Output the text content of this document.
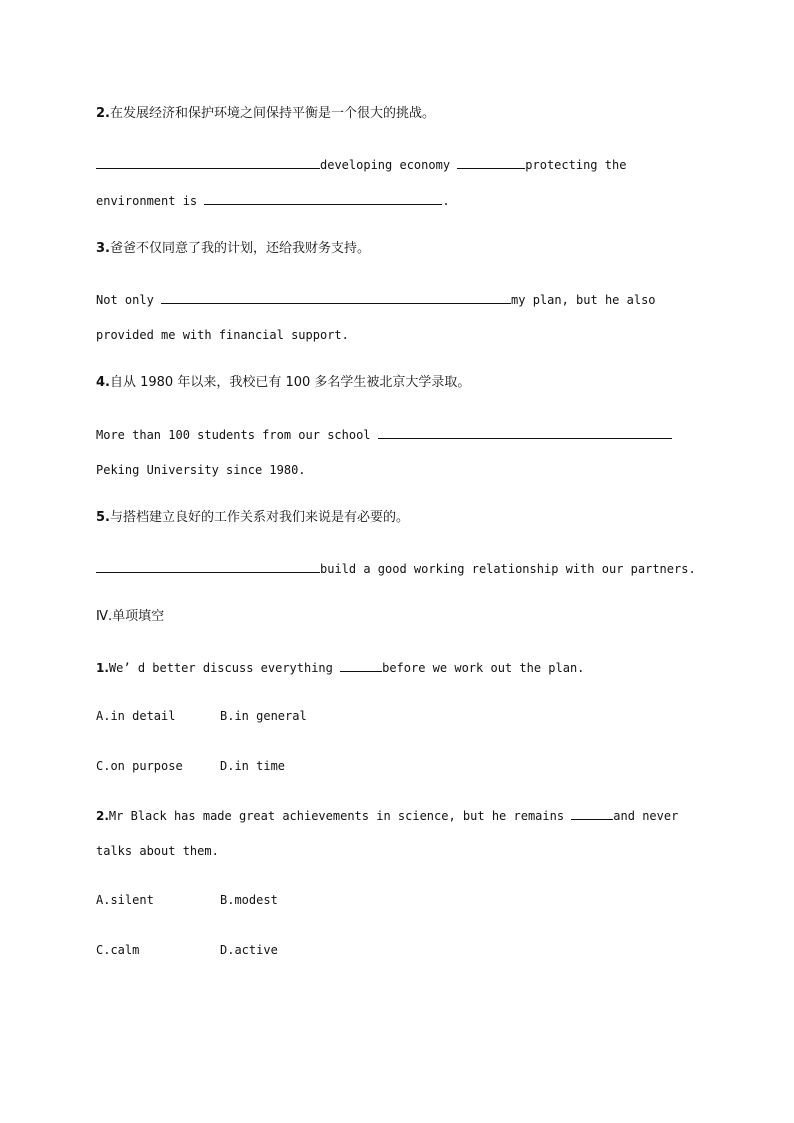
2.在发展经济和保护环境之间保持平衡是一个很大的挑战。
developing economy	protecting the
environment is	.
3.爸爸不仅同意了我的计划，还给我财务支持。
Not only	my plan, but he also
provided me with financial support.
4.自从 1980 年以来，我校已有 100 多名学生被北京大学录取。
More than 100 students from our school
Peking University since 1980.
5.与搭档建立良好的工作关系对我们来说是有必要的。
build a good working relationship with our partners.
Ⅳ.单项填空
1.We’ d better discuss everything	before we work out the plan.
A.in detail	B.in general
C.on purpose	D.in time
2.Mr Black has made great achievements in science, but he remains	and never
talks about them.
A.silent	B.modest
C.calm	D.active
